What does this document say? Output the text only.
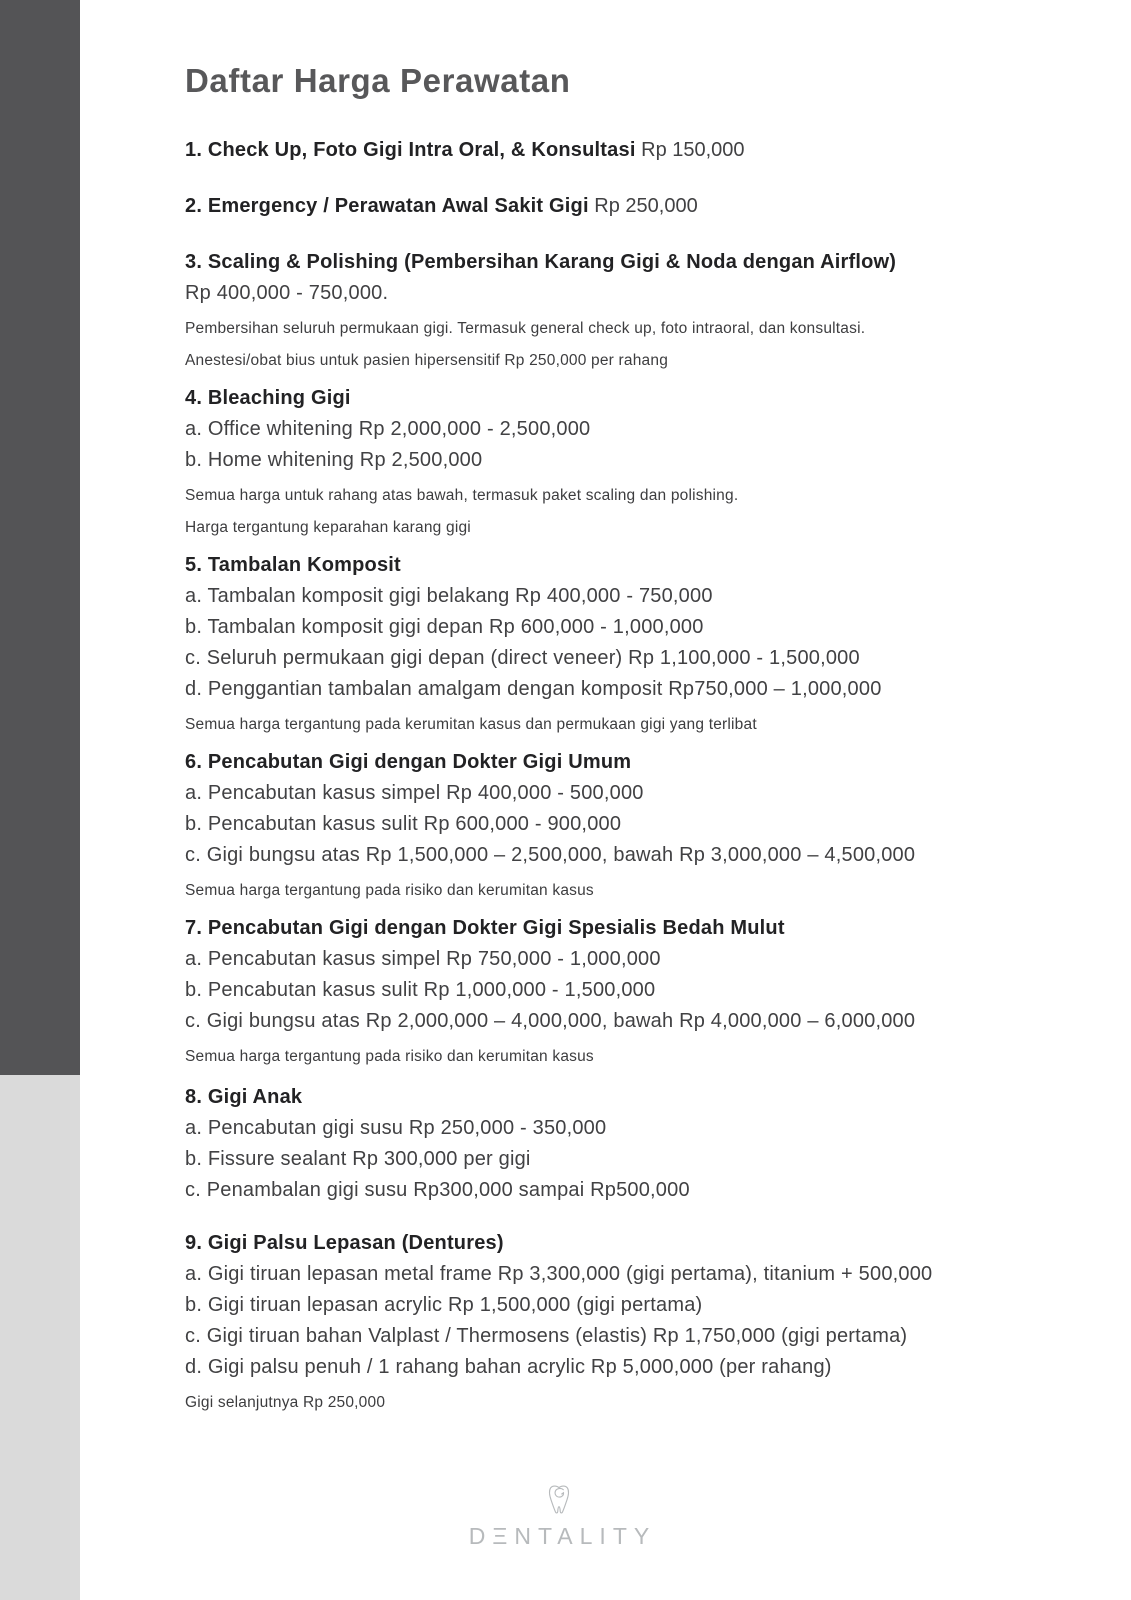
Daftar Harga Perawatan
1. Check Up, Foto Gigi Intra Oral, & Konsultasi Rp 150,000
2. Emergency / Perawatan Awal Sakit Gigi Rp 250,000
3. Scaling & Polishing (Pembersihan Karang Gigi & Noda dengan Airflow)
Rp 400,000 - 750,000.
Pembersihan seluruh permukaan gigi. Termasuk general check up, foto intraoral, dan konsultasi.
Anestesi/obat bius untuk pasien hipersensitif Rp 250,000 per rahang
4. Bleaching Gigi
a. Office whitening Rp 2,000,000 - 2,500,000
b. Home whitening Rp 2,500,000
Semua harga untuk rahang atas bawah, termasuk paket scaling dan polishing.
Harga tergantung keparahan karang gigi
5. Tambalan Komposit
a. Tambalan komposit gigi belakang Rp 400,000 - 750,000
b. Tambalan komposit gigi depan Rp 600,000 - 1,000,000
c. Seluruh permukaan gigi depan (direct veneer) Rp 1,100,000 - 1,500,000
d. Penggantian tambalan amalgam dengan komposit Rp750,000 – 1,000,000
Semua harga tergantung pada kerumitan kasus dan permukaan gigi yang terlibat
6. Pencabutan Gigi dengan Dokter Gigi Umum
a. Pencabutan kasus simpel Rp 400,000 - 500,000
b. Pencabutan kasus sulit Rp 600,000 - 900,000
c. Gigi bungsu atas Rp 1,500,000 – 2,500,000, bawah Rp 3,000,000 – 4,500,000
Semua harga tergantung pada risiko dan kerumitan kasus
7. Pencabutan Gigi dengan Dokter Gigi Spesialis Bedah Mulut
a. Pencabutan kasus simpel Rp 750,000 - 1,000,000
b. Pencabutan kasus sulit Rp 1,000,000 - 1,500,000
c. Gigi bungsu atas Rp 2,000,000 – 4,000,000, bawah Rp 4,000,000 – 6,000,000
Semua harga tergantung pada risiko dan kerumitan kasus
8. Gigi Anak
a. Pencabutan gigi susu Rp 250,000 - 350,000
b. Fissure sealant Rp 300,000 per gigi
c. Penambalan gigi susu Rp300,000 sampai Rp500,000
9. Gigi Palsu Lepasan (Dentures)
a. Gigi tiruan lepasan metal frame Rp 3,300,000 (gigi pertama), titanium + 500,000
b. Gigi tiruan lepasan acrylic Rp 1,500,000 (gigi pertama)
c. Gigi tiruan bahan Valplast / Thermosens (elastis) Rp 1,750,000 (gigi pertama)
d. Gigi palsu penuh / 1 rahang bahan acrylic Rp 5,000,000 (per rahang)
Gigi selanjutnya Rp 250,000
DΞNTALITY
